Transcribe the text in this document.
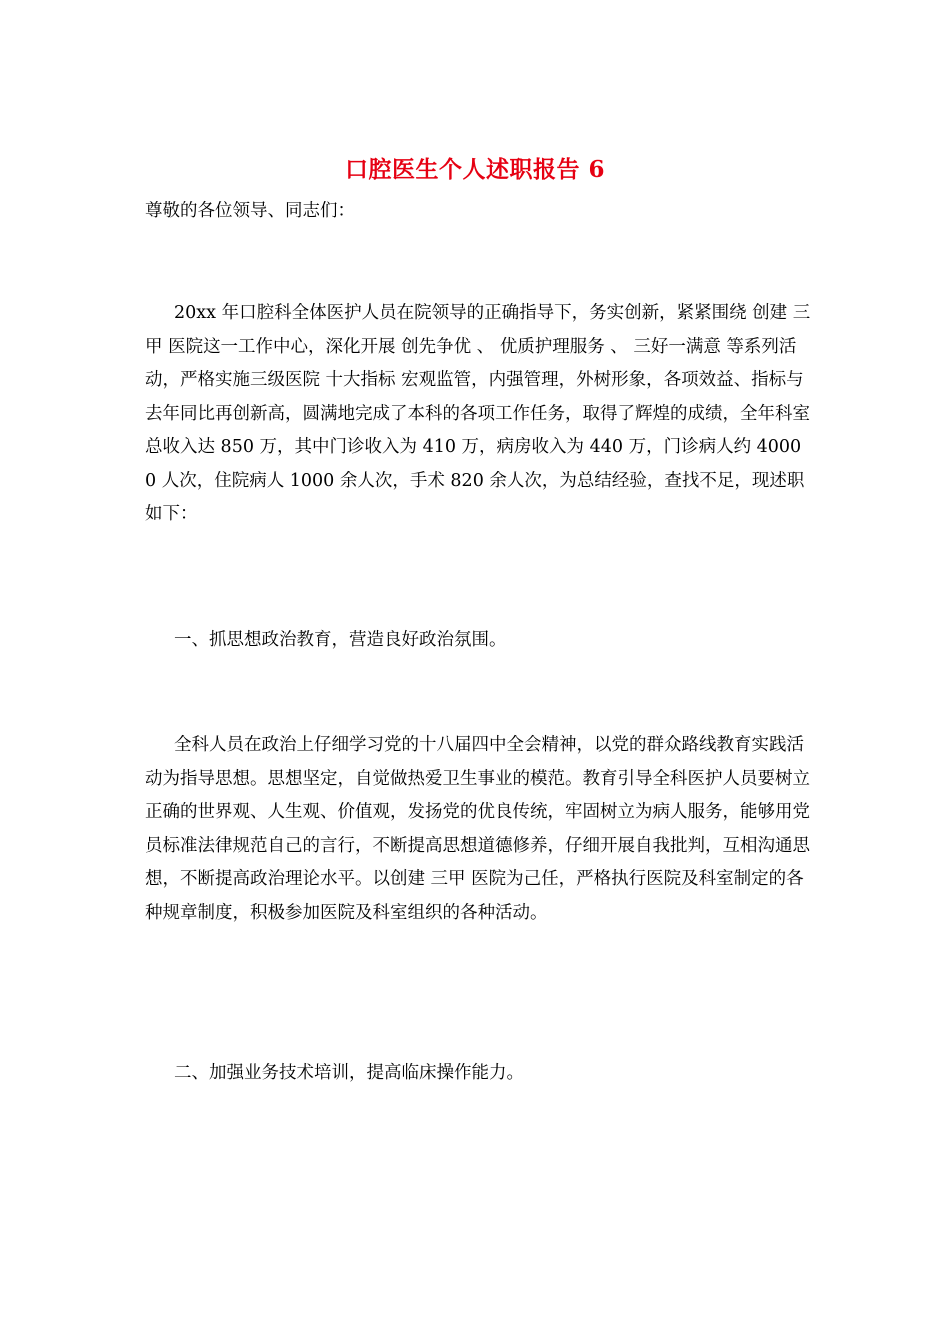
口腔医生个人述职报告 6

尊敬的各位领导、同志们：

20xx 年口腔科全体医护人员在院领导的正确指导下，务实创新，紧紧围绕 创建 三甲 医院这一工作中心，深化开展 创先争优 、 优质护理服务 、 三好一满意 等系列活动，严格实施三级医院 十大指标 宏观监管，内强管理，外树形象，各项效益、指标与去年同比再创新高，圆满地完成了本科的各项工作任务，取得了辉煌的成绩，全年科室总收入达 850 万，其中门诊收入为 410 万，病房收入为 440 万，门诊病人约 40000 人次，住院病人 1000 余人次，手术 820 余人次，为总结经验，查找不足，现述职如下：

一、抓思想政治教育，营造良好政治氛围。

全科人员在政治上仔细学习党的十八届四中全会精神，以党的群众路线教育实践活动为指导思想。思想坚定，自觉做热爱卫生事业的模范。教育引导全科医护人员要树立正确的世界观、人生观、价值观，发扬党的优良传统，牢固树立为病人服务，能够用党员标准法律规范自己的言行，不断提高思想道德修养，仔细开展自我批判，互相沟通思想，不断提高政治理论水平。以创建 三甲 医院为己任，严格执行医院及科室制定的各种规章制度，积极参加医院及科室组织的各种活动。

二、加强业务技术培训，提高临床操作能力。
